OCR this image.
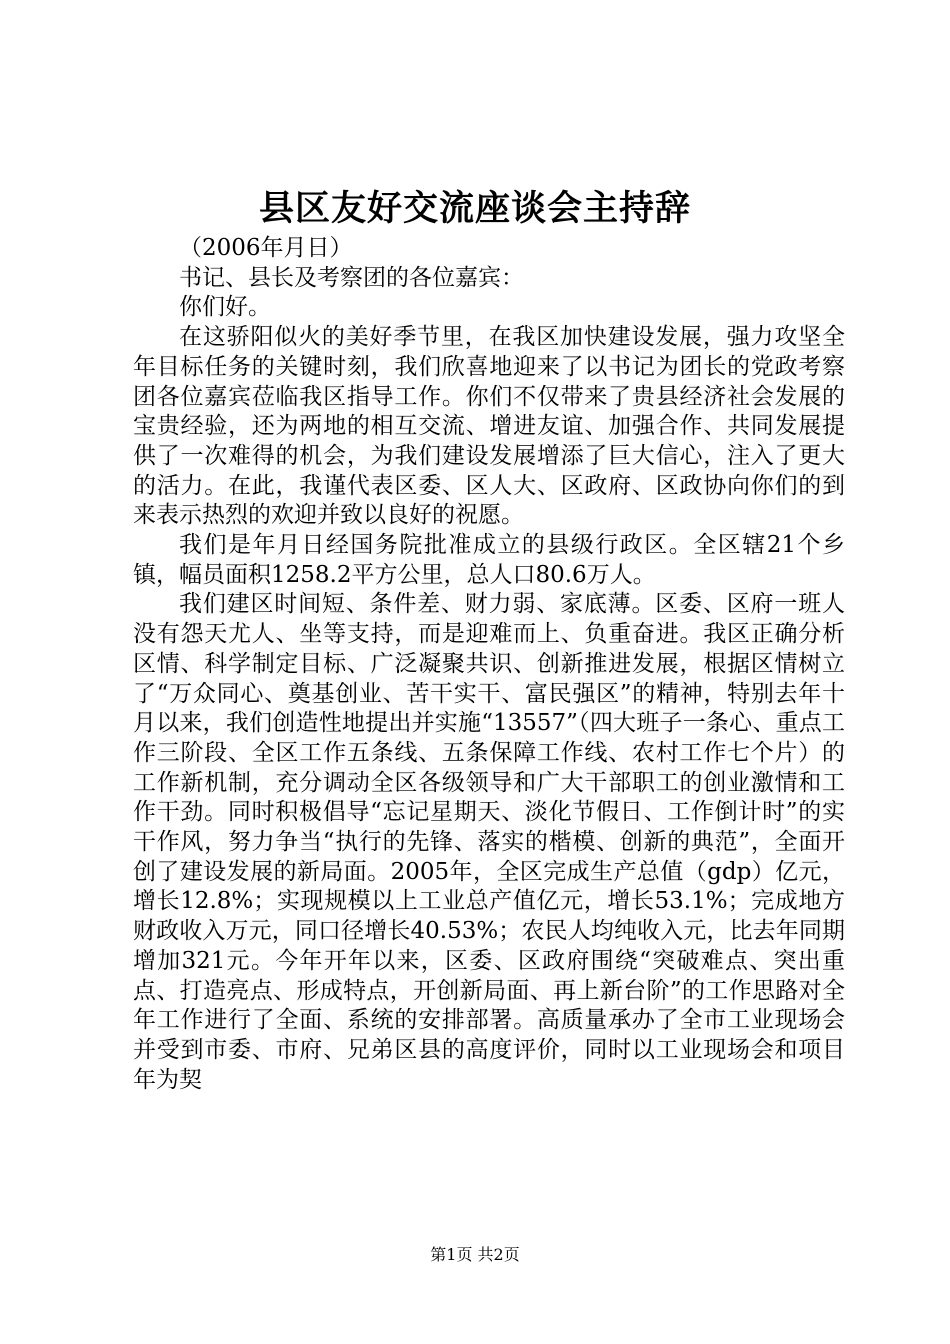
县区友好交流座谈会主持辞

（2006年月日）

书记、县长及考察团的各位嘉宾：

你们好。

在这骄阳似火的美好季节里，在我区加快建设发展，强力攻坚全年目标任务的关键时刻，我们欣喜地迎来了以书记为团长的党政考察团各位嘉宾莅临我区指导工作。你们不仅带来了贵县经济社会发展的宝贵经验，还为两地的相互交流、增进友谊、加强合作、共同发展提供了一次难得的机会，为我们建设发展增添了巨大信心，注入了更大的活力。在此，我谨代表区委、区人大、区政府、区政协向你们的到来表示热烈的欢迎并致以良好的祝愿。

我们是年月日经国务院批准成立的县级行政区。全区辖21个乡镇，幅员面积1258.2平方公里，总人口80.6万人。

我们建区时间短、条件差、财力弱、家底薄。区委、区府一班人没有怨天尤人、坐等支持，而是迎难而上、负重奋进。我区正确分析区情、科学制定目标、广泛凝聚共识、创新推进发展，根据区情树立了“万众同心、奠基创业、苦干实干、富民强区”的精神，特别去年十月以来，我们创造性地提出并实施“13557”（四大班子一条心、重点工作三阶段、全区工作五条线、五条保障工作线、农村工作七个片）的工作新机制，充分调动全区各级领导和广大干部职工的创业激情和工作干劲。同时积极倡导“忘记星期天、淡化节假日、工作倒计时”的实干作风，努力争当“执行的先锋、落实的楷模、创新的典范”，全面开创了建设发展的新局面。2005年，全区完成生产总值（gdp）亿元，增长12.8%；实现规模以上工业总产值亿元，增长53.1%；完成地方财政收入万元，同口径增长40.53%；农民人均纯收入元，比去年同期增加321元。今年开年以来，区委、区政府围绕“突破难点、突出重点、打造亮点、形成特点，开创新局面、再上新台阶”的工作思路对全年工作进行了全面、系统的安排部署。高质量承办了全市工业现场会并受到市委、市府、兄弟区县的高度评价，同时以工业现场会和项目年为契

第1页 共2页
